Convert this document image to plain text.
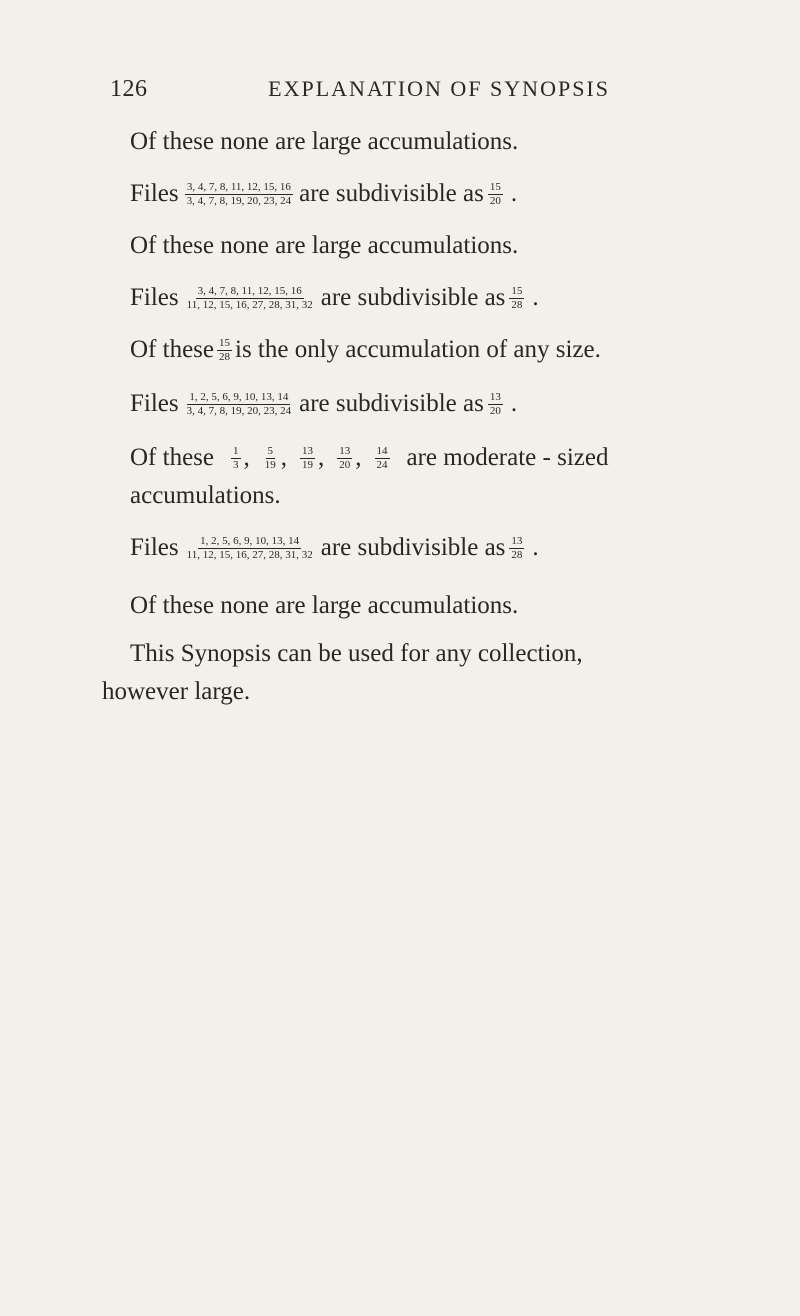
126	EXPLANATION OF SYNOPSIS
Of these none are large accumulations.
Files $\frac{3, 4, 7, 8, 11, 12, 15, 16}{3, 4, 7, 8, 19, 20, 23, 24}$ are subdivisible as $\frac{15}{20}$ .
Of these none are large accumulations.
Files $\frac{3, 4, 7, 8, 11, 12, 15, 16}{11, 12, 15, 16, 27, 28, 31, 32}$ are subdivisible as $\frac{15}{28}$ .
Of these $\frac{15}{28}$ is the only accumulation of any size.
Files $\frac{1, 2, 5, 6, 9, 10, 13, 14}{3, 4, 7, 8, 19, 20, 23, 24}$ are subdivisible as $\frac{13}{20}$ .
Of these $\frac{1}{3}$ , $\frac{5}{19}$ , $\frac{13}{19}$ , $\frac{13}{20}$ , $\frac{14}{24}$ are moderate - sized
accumulations.
Files $\frac{1, 2, 5, 6, 9, 10, 13, 14}{11, 12, 15, 16, 27, 28, 31, 32}$ are subdivisible as $\frac{13}{28}$ .
Of these none are large accumulations.
This Synopsis can be used for any collection,
however large.
